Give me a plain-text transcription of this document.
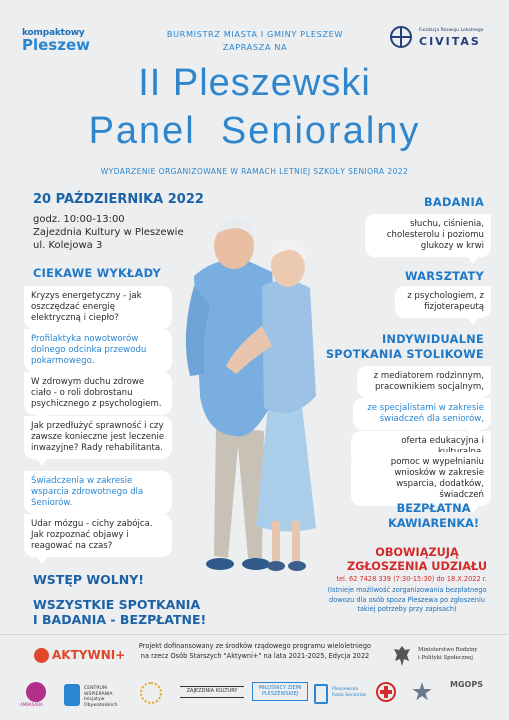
kompaktowy
Pleszew
BURMISTRZ MIASTA I GMINY PLESZEW
ZAPRASZA NA
Fundacja Rozwoju Lokalnego
CIVITAS
II Pleszewski
Panel  Senioralny
WYDARZENIE ORGANIZOWANE W RAMACH LETNIEJ SZKOŁY SENIORA 2022
20 PAŹDZIERNIKA 2022
godz. 10:00-13:00
Zajezdnia Kultury w Pleszewie
ul. Kolejowa 3
CIEKAWE WYKŁADY
Kryzys energetyczny - jak oszczędzać energię elektryczną i ciepło?
Profilaktyka nowotworów dolnego odcinka przewodu pokarmowego.
W zdrowym duchu zdrowe ciało - o roli dobrostanu psychicznego z psychologiem.
Jak przedłużyć sprawność i czy zawsze konieczne jest leczenie inwazyjne? Rady rehabilitanta.
Świadczenia w zakresie wsparcia zdrowotnego dla Seniorów.
Udar mózgu - cichy zabójca. Jak rozpoznać objawy i reagować na czas?
WSTĘP WOLNY!
WSZYSTKIE SPOTKANIA
I BADANIA - BEZPŁATNE!
BADANIA
słuchu, ciśnienia, cholesterolu i poziomu glukozy w krwi
WARSZTATY
z psychologiem, z fizjoterapeutą
INDYWIDUALNE
SPOTKANIA STOLIKOWE
z mediatorem rodzinnym, pracownikiem socjalnym,
ze specjalistami w zakresie świadczeń dla seniorów,
oferta edukacyjna i
pomoc w wypełnianiu wniosków w zakresie wsparcia, dodatków, świadczeń
BEZPŁATNA
KAWIARENKA!
OBOWIĄZUJĄ
ZGŁOSZENIA UDZIAŁU
tel. 62 7428 339 (7:30-15:30) do 18.X.2022 r.
(Istnieje możliwość zorganizowania bezpłatnego dowozu dla osób spoza Pleszewa po zgłoszeniu takiej potrzeby przy zapisach)
AKTYWNI+
Projekt dofinansowany ze środków rządowego programu wieloletniego
na rzecz Osób Starszych "Aktywni+" na lata 2021-2025, Edycja 2022
Ministerstwo Rodziny
i Polityki Społecznej
AMBASADA
CENTRUM WSPIERANIA Inicjatyw Obywatelskich
ZAJEZDNIA KULTURY	MIŁOŚNICY ZIEMI PLESZEWSKIEJ
Pleszewska Rada Seniorów
MGOPS
